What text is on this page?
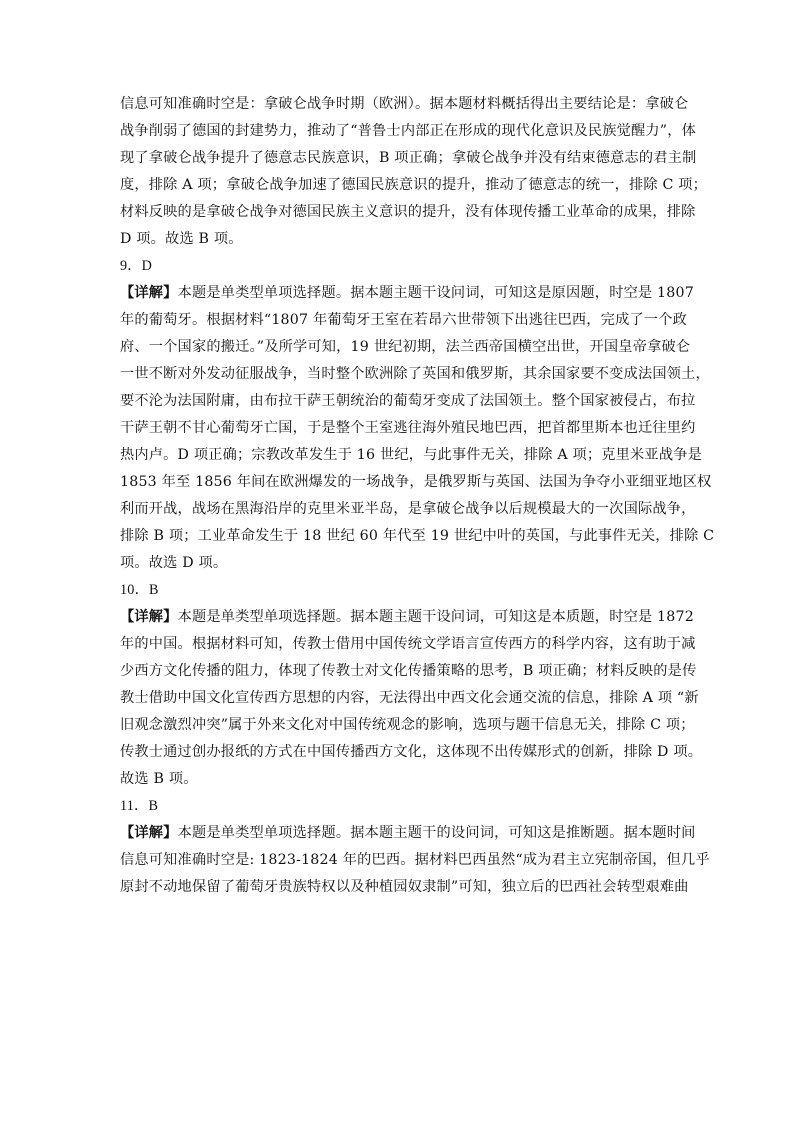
信息可知准确时空是：拿破仑战争时期（欧洲）。据本题材料概括得出主要结论是：拿破仑
战争削弱了德国的封建势力，推动了“普鲁士内部正在形成的现代化意识及民族觉醒力”，体
现了拿破仑战争提升了德意志民族意识，B 项正确；拿破仑战争并没有结束德意志的君主制
度，排除 A 项；拿破仑战争加速了德国民族意识的提升，推动了德意志的统一，排除 C 项；
材料反映的是拿破仑战争对德国民族主义意识的提升，没有体现传播工业革命的成果，排除
D 项。故选 B 项。
9．D
【详解】本题是单类型单项选择题。据本题主题干设问词，可知这是原因题，时空是 1807
年的葡萄牙。根据材料“1807 年葡萄牙王室在若昂六世带领下出逃往巴西，完成了一个政
府、一个国家的搬迁。”及所学可知，19 世纪初期，法兰西帝国横空出世，开国皇帝拿破仑
一世不断对外发动征服战争，当时整个欧洲除了英国和俄罗斯，其余国家要不变成法国领土，
要不沦为法国附庸，由布拉干萨王朝统治的葡萄牙变成了法国领土。整个国家被侵占，布拉
干萨王朝不甘心葡萄牙亡国，于是整个王室逃往海外殖民地巴西，把首都里斯本也迁往里约
热内卢。D 项正确；宗教改革发生于 16 世纪，与此事件无关，排除 A 项；克里米亚战争是
1853 年至 1856 年间在欧洲爆发的一场战争，是俄罗斯与英国、法国为争夺小亚细亚地区权
利而开战，战场在黑海沿岸的克里米亚半岛，是拿破仑战争以后规模最大的一次国际战争，
排除 B 项；工业革命发生于 18 世纪 60 年代至 19 世纪中叶的英国，与此事件无关，排除 C
项。故选 D 项。
10．B
【详解】本题是单类型单项选择题。据本题主题干设问词，可知这是本质题，时空是 1872
年的中国。根据材料可知，传教士借用中国传统文学语言宣传西方的科学内容，这有助于减
少西方文化传播的阻力，体现了传教士对文化传播策略的思考，B 项正确；材料反映的是传
教士借助中国文化宣传西方思想的内容，无法得出中西文化会通交流的信息，排除 A 项 “新
旧观念激烈冲突”属于外来文化对中国传统观念的影响，选项与题干信息无关，排除 C 项；
传教士通过创办报纸的方式在中国传播西方文化，这体现不出传媒形式的创新，排除 D 项。
故选 B 项。
11．B
【详解】本题是单类型单项选择题。据本题主题干的设问词，可知这是推断题。据本题时间
信息可知准确时空是: 1823-1824 年的巴西。据材料巴西虽然“成为君主立宪制帝国，但几乎
原封不动地保留了葡萄牙贵族特权以及种植园奴隶制”可知，独立后的巴西社会转型艰难曲
